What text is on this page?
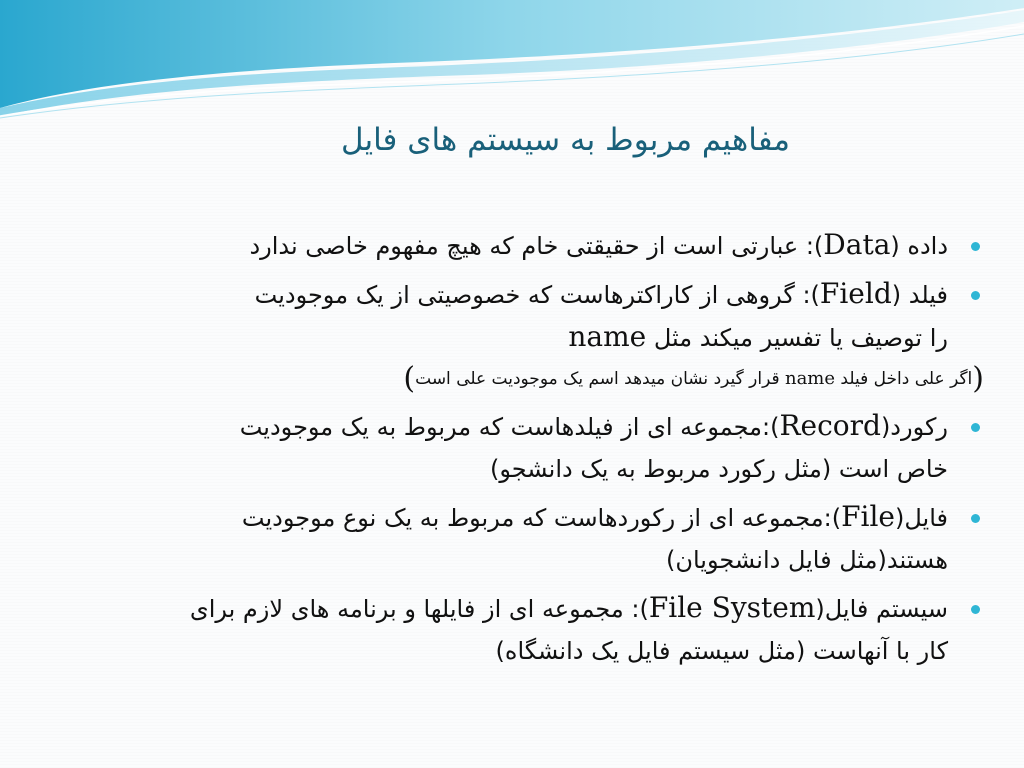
مفاهیم مربوط به سیستم های فایل
داده (Data): عبارتی است از حقیقتی خام که هیچ مفهوم خاصی ندارد
فیلد (Field): گروهی از کاراکترهاست که خصوصیتی از یک موجودیت
را توصیف یا تفسیر میکند مثل name
(اگر علی داخل فیلد name قرار گیرد نشان میدهد اسم یک موجودیت علی است)
رکورد(Record):مجموعه ای از فیلدهاست که مربوط به یک موجودیت
خاص است (مثل رکورد مربوط به یک دانشجو)
فایل(File):مجموعه ای از رکوردهاست که مربوط به یک نوع موجودیت
هستند(مثل فایل دانشجویان)
سیستم فایل(File System): مجموعه ای از فایلها و برنامه های لازم برای
کار با آنهاست (مثل سیستم فایل یک دانشگاه)
